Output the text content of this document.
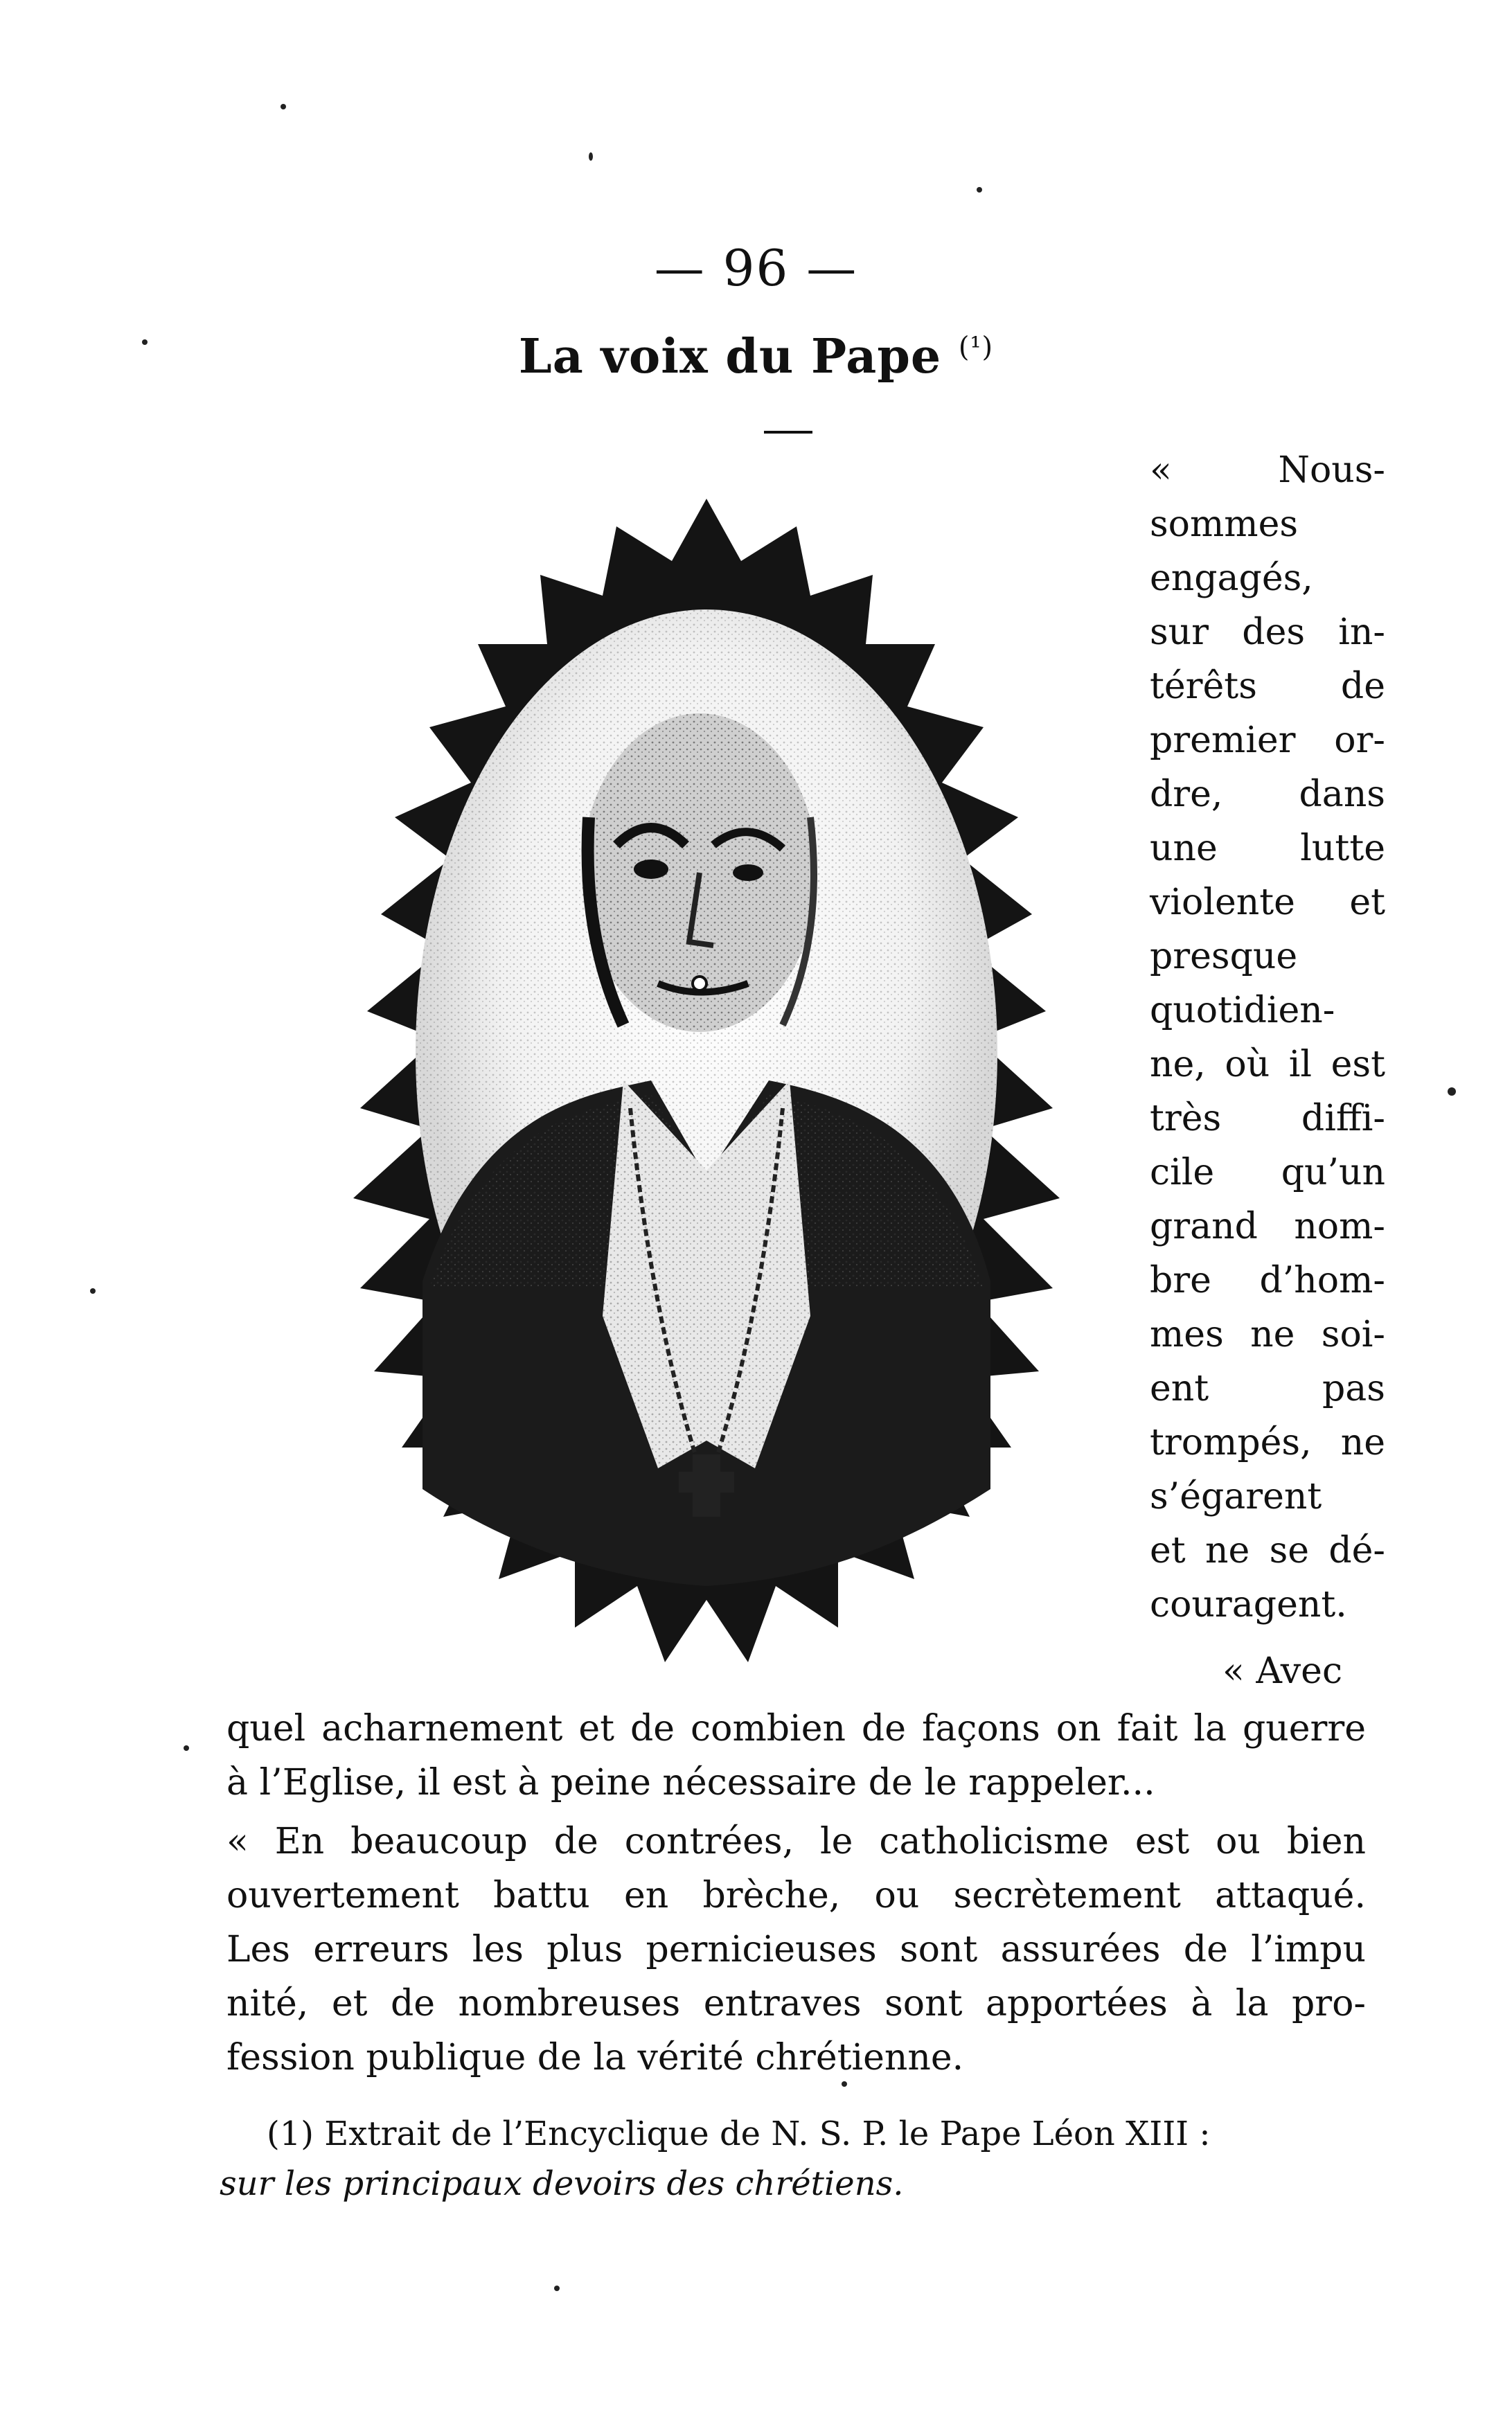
— 96 —
La voix du Pape $^{(^1)}$
« Nous-
sommes
engagés,
sur des in-
térêts de
premier or-
dre, dans
une lutte
violente et
presque
quotidien-
ne, où il est
très diffi-
cile qu’un
grand nom-
bre d’hom-
mes ne soi-
ent pas
trompés, ne
s’égarent
et ne se dé-
couragent.
« Avec
quel acharnement et de combien de façons on fait la guerre
à l’Eglise, il est à peine nécessaire de le rappeler...
« En beaucoup de contrées, le catholicisme est ou bien
ouvertement battu en brèche, ou secrètement attaqué.
Les erreurs les plus pernicieuses sont assurées de l’impu
nité, et de nombreuses entraves sont apportées à la pro-
fession publique de la vérité chrétienne.
(1) Extrait de l’Encyclique de N. S. P. le Pape Léon XIII :
sur les principaux devoirs des chrétiens.
